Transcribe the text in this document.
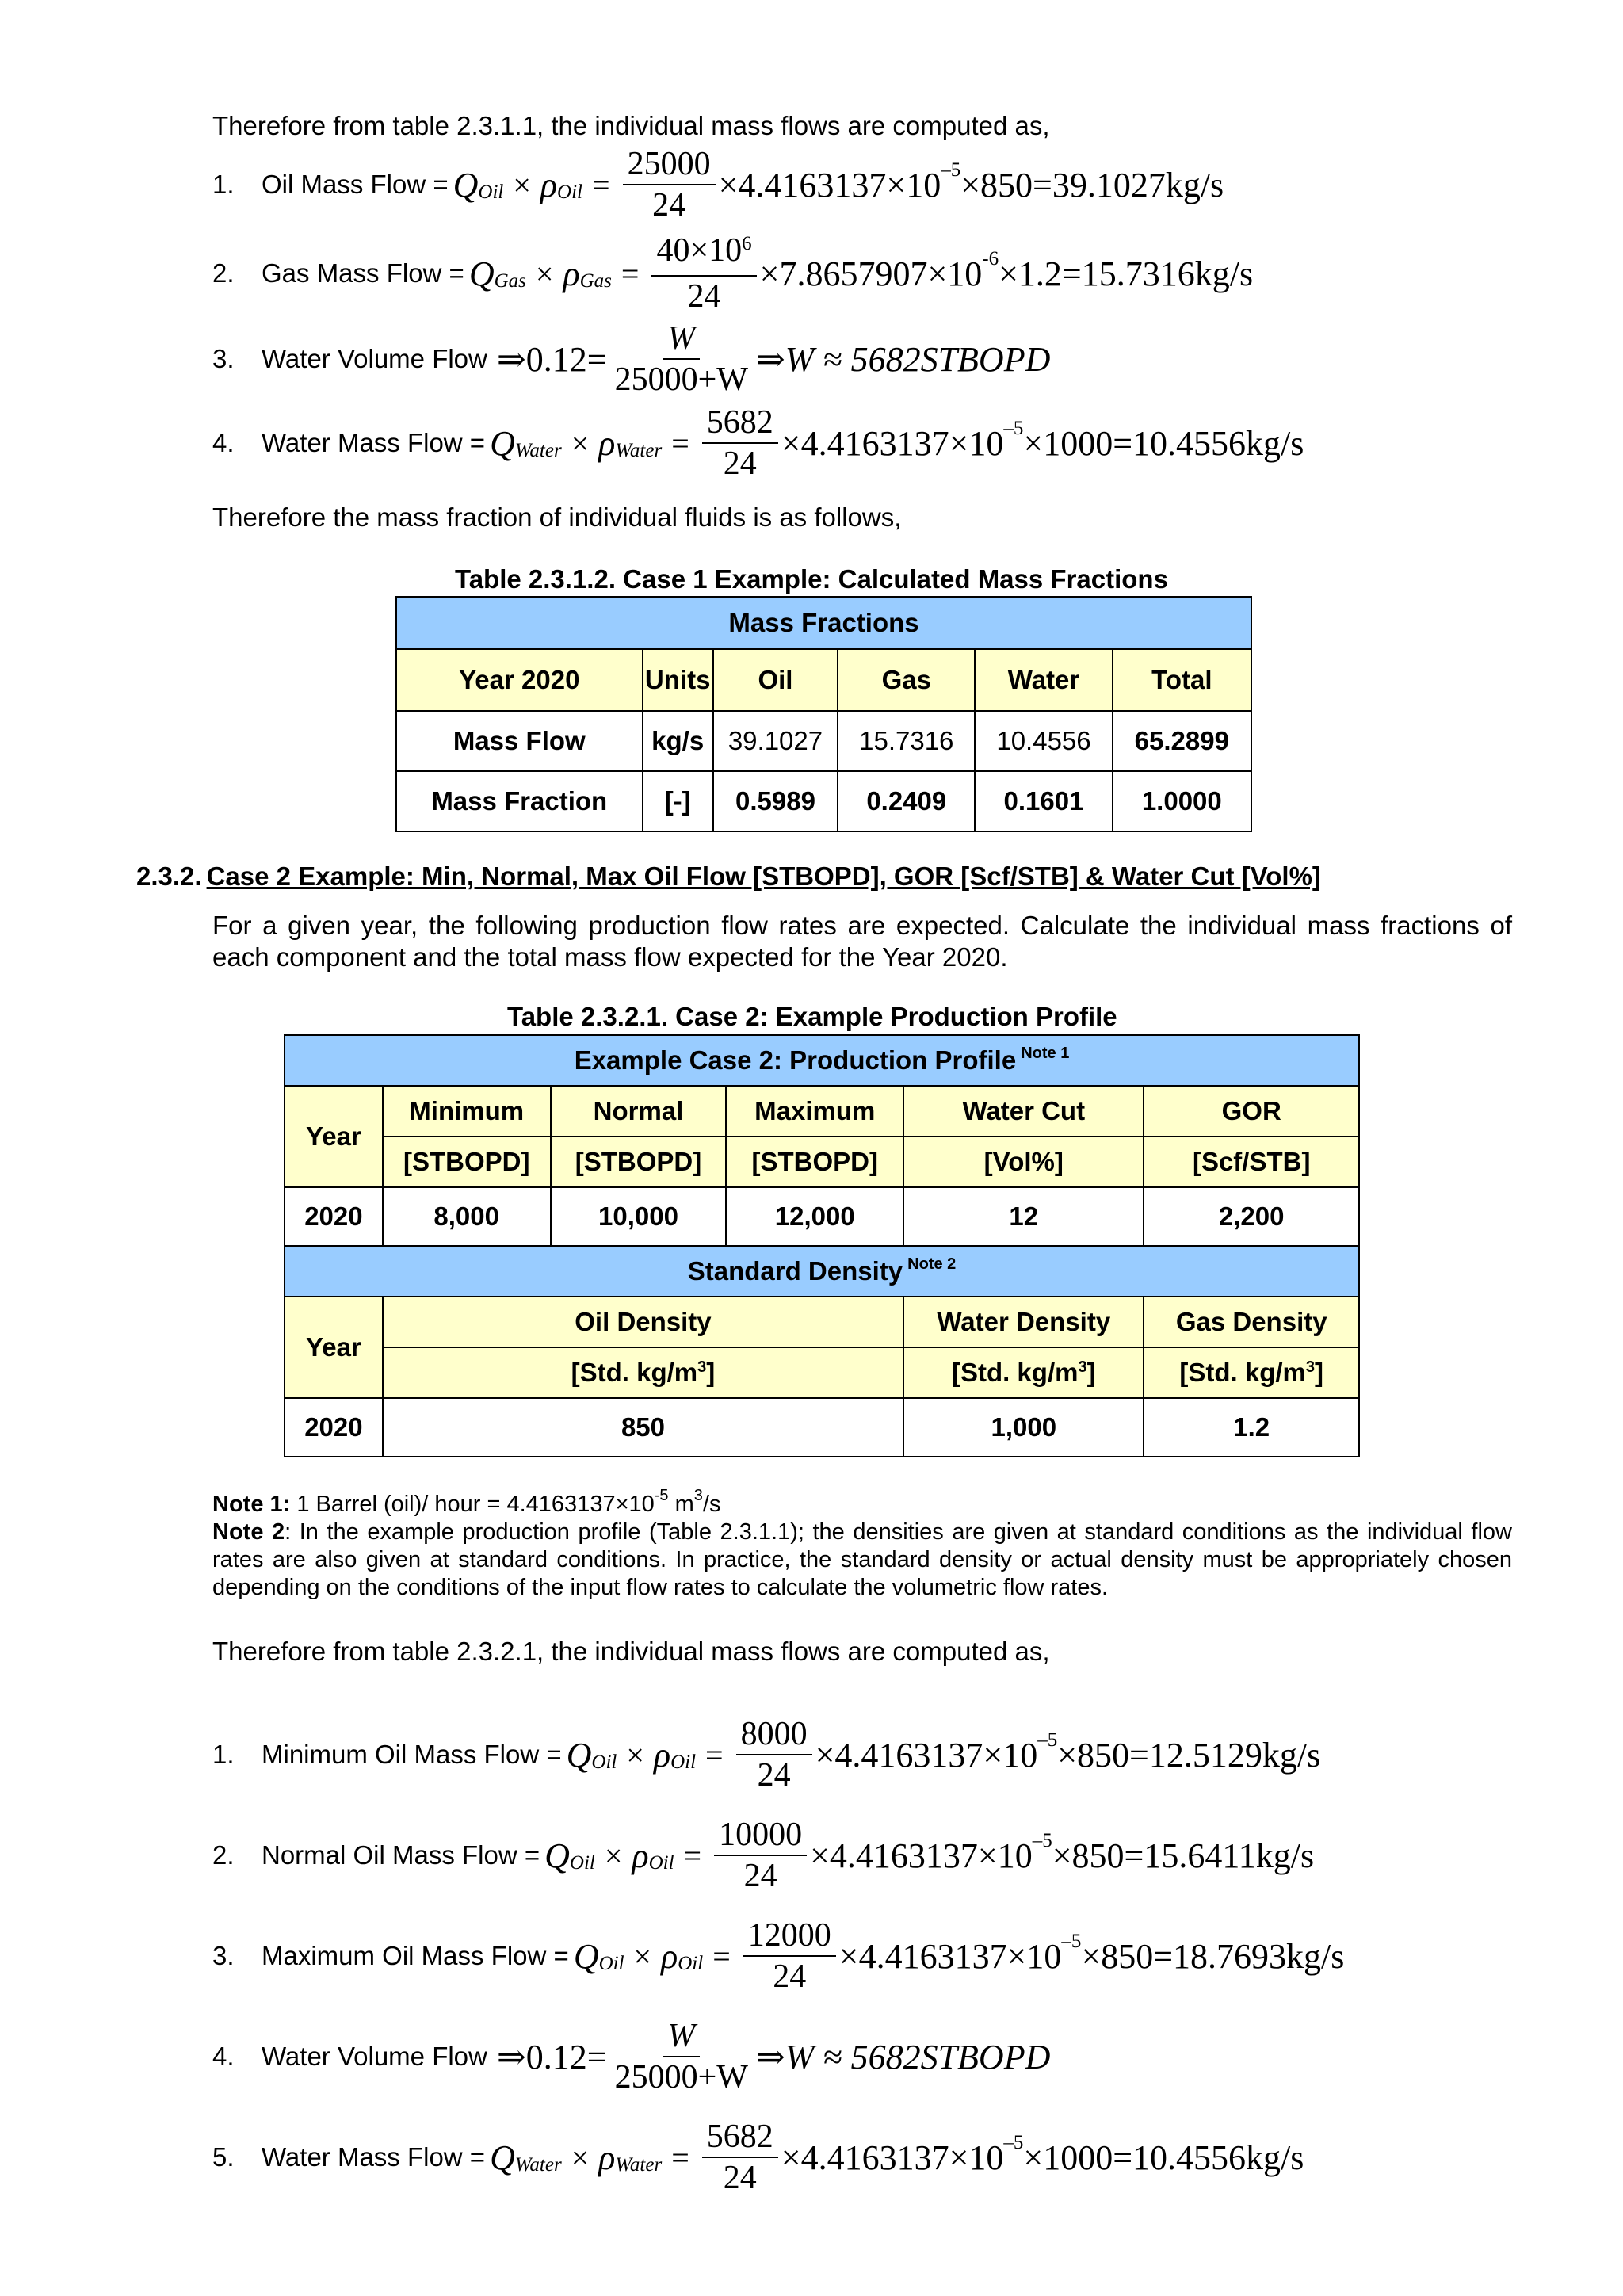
Therefore from table 2.3.1.1, the individual mass flows are computed as,

1.	Oil Mass Flow = Q Oil × ρ Oil = $\frac{25000}{24} \times 4.4163137\times 10$ –5 ×850=39.1027kg/s
2.	Gas Mass Flow = Q Gas × ρ Gas = $\frac{40\times 10^6}{24} \times 7.8657907\times 10$ -6 ×1.2=15.7316kg/s
3.	Water Volume Flow ⇒ $0.12= \frac{W}{25000+W}$ ⇒W ≈ 5682STBOPD
4.	Water Mass Flow = Q Water × ρ Water = $\frac{5682}{24} \times 4.4163137\times 10$ –5 ×1000=10.4556kg/s

Therefore the mass fraction of individual fluids is as follows,

Table 2.3.1.2. Case 1 Example: Calculated Mass Fractions
Mass Fractions					
Year 2020	Units	Oil	Gas	Water	Total
Mass Flow	kg/s	39.1027	15.7316	10.4556	65.2899
Mass Fraction	[-]	0.5989	0.2409	0.1601	1.0000
2.3.2. Case 2 Example: Min, Normal, Max Oil Flow [STBOPD], GOR [Scf/STB] & Water Cut [Vol%]

For a given year, the following production flow rates are expected. Calculate the individual mass fractions of each component and the total mass flow expected for the Year 2020.

Table 2.3.2.1. Case 2: Example Production Profile
Example Case 2: Production Profile $^{Note 1}$
Year	Minimum	Normal	Maximum	Water Cut	GOR
	[STBOPD]	[STBOPD]	[STBOPD]	[Vol%]	[Scf/STB]
2020	8,000	10,000	12,000	12	2,200
Standard Density $^{Note 2}$
Year	Oil Density			Water Density	Gas Density
	[Std. kg/m$^3$]			[Std. kg/m$^3$]	[Std. kg/m$^3$]
2020	850			1,000	1.2
Note 1: 1 Barrel (oil)/ hour = 4.4163137×10$^{-5}$ m$^3$/s
Note 2: In the example production profile (Table 2.3.1.1); the densities are given at standard conditions as the individual flow rates are also given at standard conditions. In practice, the standard density or actual density must be appropriately chosen depending on the conditions of the input flow rates to calculate the volumetric flow rates.

Therefore from table 2.3.2.1, the individual mass flows are computed as,

1.	Minimum Oil Mass Flow = Q Oil × ρ Oil = $\frac{8000}{24} \times 4.4163137\times 10$ –5 ×850=12.5129kg/s
2.	Normal Oil Mass Flow = Q Oil × ρ Oil = $\frac{10000}{24} \times 4.4163137\times 10$ –5 ×850=15.6411kg/s
3.	Maximum Oil Mass Flow = Q Oil × ρ Oil = $\frac{12000}{24} \times 4.4163137\times 10$ –5 ×850=18.7693kg/s
4.	Water Volume Flow ⇒ $0.12= \frac{W}{25000+W}$ ⇒W ≈ 5682STBOPD
5.	Water Mass Flow = Q Water × ρ Water = $\frac{5682}{24} \times 4.4163137\times 10$ –5 ×1000=10.4556kg/s
